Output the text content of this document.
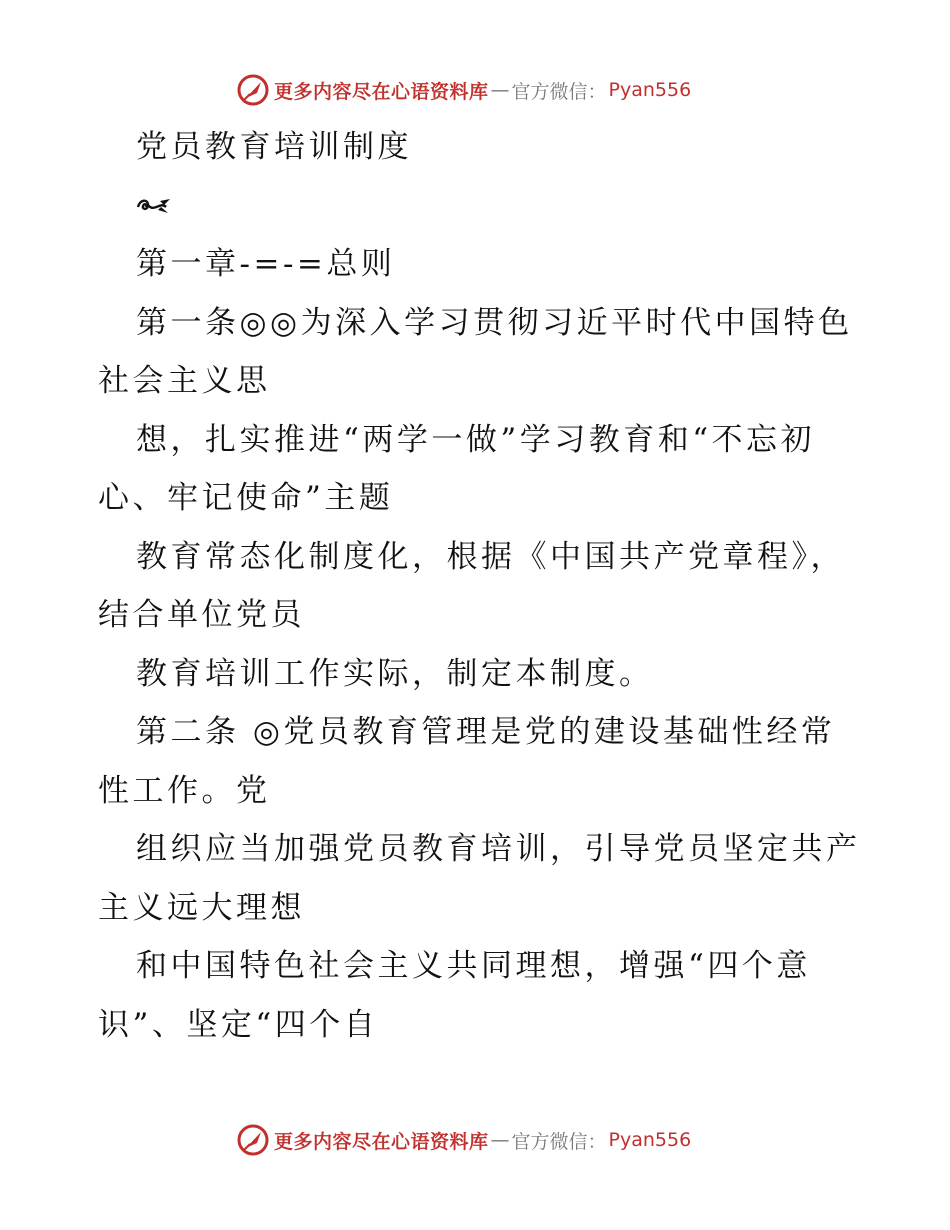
更多内容尽在心语资料库 — 官方微信： Pyan556
党员教育培训制度
第一章-=-=总则
第一条◎◎为深入学习贯彻习近平时代中国特色
社会主义思
想，扎实推进“两学一做”学习教育和“不忘初
心、牢记使命”主题
教育常态化制度化，根据《中国共产党章程》，
结合单位党员
教育培训工作实际，制定本制度。
第二条 ◎党员教育管理是党的建设基础性经常
性工作。党
组织应当加强党员教育培训，引导党员坚定共产
主义远大理想
和中国特色社会主义共同理想，增强“四个意
识”、坚定“四个自
更多内容尽在心语资料库 — 官方微信： Pyan556
